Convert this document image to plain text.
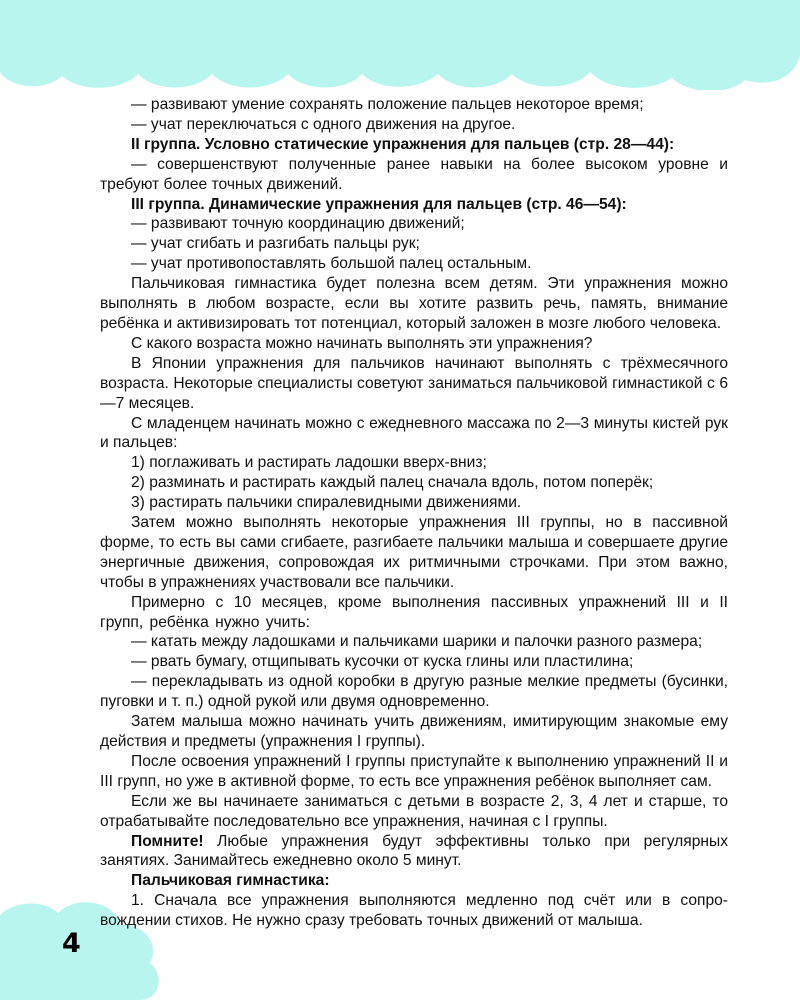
4

— развивают умение сохранять положение пальцев некоторое время;

— учат переключаться с одного движения на другое.

II группа. Условно статические упражнения для пальцев (стр. 28—44):

— совершенствуют полученные ранее навыки на более высоком уровне и требуют более точных движений.

III группа. Динамические упражнения для пальцев (стр. 46—54):

— развивают точную координацию движений;

— учат сгибать и разгибать пальцы рук;

— учат противопоставлять большой палец остальным.

Пальчиковая гимнастика будет полезна всем детям. Эти упражнения можно выполнять в любом возрасте, если вы хотите развить речь, память, внимание ребёнка и активизировать тот потенциал, который заложен в мозге любого человека.

С какого возраста можно начинать выполнять эти упражнения?

В Японии упражнения для пальчиков начинают выполнять с трёхмесячного возраста. Некоторые специалисты советуют заниматься пальчиковой гимнастикой с 6—7 месяцев.

С младенцем начинать можно с ежедневного массажа по 2—3 минуты кистей рук и пальцев:

1) поглаживать и растирать ладошки вверх-вниз;

2) разминать и растирать каждый палец сначала вдоль, потом поперёк;

3) растирать пальчики спиралевидными движениями.

Затем можно выполнять некоторые упражнения III группы, но в пассивной форме, то есть вы сами сгибаете, разгибаете пальчики малыша и совершаете другие энергичные движения, сопровождая их ритмичными строчками. При этом важно, чтобы в упражнениях участвовали все пальчики.

Примерно с 10 месяцев, кроме выполнения пассивных упражнений III и II групп, ребёнка нужно учить:

— катать между ладошками и пальчиками шарики и палочки разного размера;

— рвать бумагу, отщипывать кусочки от куска глины или пластилина;

— перекладывать из одной коробки в другую разные мелкие предметы (бусинки, пуговки и т. п.) одной рукой или двумя одновременно.

Затем малыша можно начинать учить движениям, имитирующим знакомые ему действия и предметы (упражнения I группы).

После освоения упражнений I группы приступайте к выполнению упражнений II и III групп, но уже в активной форме, то есть все упражнения ребёнок выполняет сам.

Если же вы начинаете заниматься с детьми в возрасте 2, 3, 4 лет и старше, то отрабатывайте последовательно все упражнения, начиная с I группы.

Помните! Любые упражнения будут эффективны только при регулярных занятиях. Занимайтесь ежедневно около 5 минут.

Пальчиковая гимнастика:

1. Сначала все упражнения выполняются медленно под счёт или в сопровождении стихов. Не нужно сразу требовать точных движений от малыша.
